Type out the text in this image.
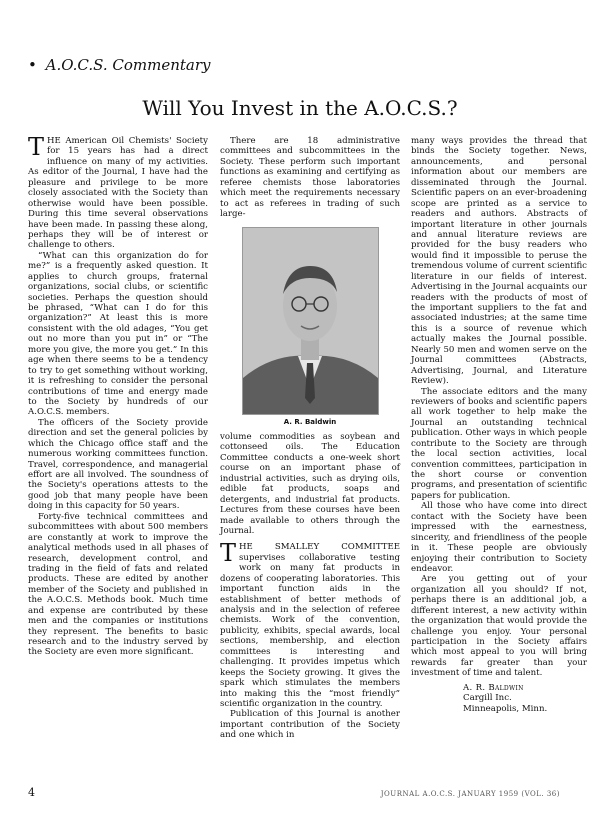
• A.O.C.S. Commentary
Will You Invest in the A.O.C.S.?

THE American Oil Chemists' Society for 15 years has had a direct influence on many of my activities. As editor of the Journal, I have had the pleasure and privilege to be more closely associated with the Society than otherwise would have been possible. During this time several observations have been made. In passing these along, perhaps they will be of interest or challenge to others.

“What can this organization do for me?” is a frequently asked question. It applies to church groups, fraternal organizations, social clubs, or scientific societies. Perhaps the question should be phrased, “What can I do for this organization?” At least this is more consistent with the old adages, “You get out no more than you put in” or “The more you give, the more you get.” In this age when there seems to be a tendency to try to get something without working, it is refreshing to consider the personal contributions of time and energy made to the Society by hundreds of our A.O.C.S. members.

The officers of the Society provide direction and set the general policies by which the Chicago office staff and the numerous working committees function. Travel, correspondence, and managerial effort are all involved. The soundness of the Society's operations attests to the good job that many people have been doing in this capacity for 50 years.

Forty-five technical committees and subcommittees with about 500 members are constantly at work to improve the analytical methods used in all phases of research, development control, and trading in the field of fats and related products. These are edited by another member of the Society and published in the A.O.C.S. Methods book. Much time and expense are contributed by these men and the companies or institutions they represent. The benefits to basic research and to the industry served by the Society are even more significant.

There are 18 administrative committees and subcommittees in the Society. These perform such important functions as examining and certifying as referee chemists those laboratories which meet the requirements necessary to act as referees in trading of such large-

A. R. Baldwin

volume commodities as soybean and cottonseed oils. The Education Committee conducts a one-week short course on an important phase of industrial activities, such as drying oils, edible fat products, soaps and detergents, and industrial fat products. Lectures from these courses have been made available to others through the Journal.

THE SMALLEY COMMITTEE supervises collaborative testing work on many fat products in dozens of cooperating laboratories. This important function aids in the establishment of better methods of analysis and in the selection of referee chemists. Work of the convention, publicity, exhibits, special awards, local sections, membership, and election committees is interesting and challenging. It provides impetus which keeps the Society growing. It gives the spark which stimulates the members into making this the “most friendly” scientific organization in the country.

Publication of this Journal is another important contribution of the Society and one which in

many ways provides the thread that binds the Society together. News, announcements, and personal information about our members are disseminated through the Journal. Scientific papers on an ever-broadening scope are printed as a service to readers and authors. Abstracts of important literature in other journals and annual literature reviews are provided for the busy readers who would find it impossible to peruse the tremendous volume of current scientific literature in our fields of interest. Advertising in the Journal acquaints our readers with the products of most of the important suppliers to the fat and associated industries; at the same time this is a source of revenue which actually makes the Journal possible. Nearly 50 men and women serve on the Journal committees (Abstracts, Advertising, Journal, and Literature Review).

The associate editors and the many reviewers of books and scientific papers all work together to help make the Journal an outstanding technical publication. Other ways in which people contribute to the Society are through the local section activities, local convention committees, participation in the short course or convention programs, and presentation of scientific papers for publication.

All those who have come into direct contact with the Society have been impressed with the earnestness, sincerity, and friendliness of the people in it. These people are obviously enjoying their contribution to Society endeavor.

Are you getting out of your organization all you should? If not, perhaps there is an additional job, a different interest, a new activity within the organization that would provide the challenge you enjoy. Your personal participation in the Society affairs which most appeal to you will bring rewards far greater than your investment of time and talent.

A. R. Baldwin
Cargill Inc.
Minneapolis, Minn.
4	JOURNAL A.O.C.S. JANUARY 1959 (VOL. 36)
